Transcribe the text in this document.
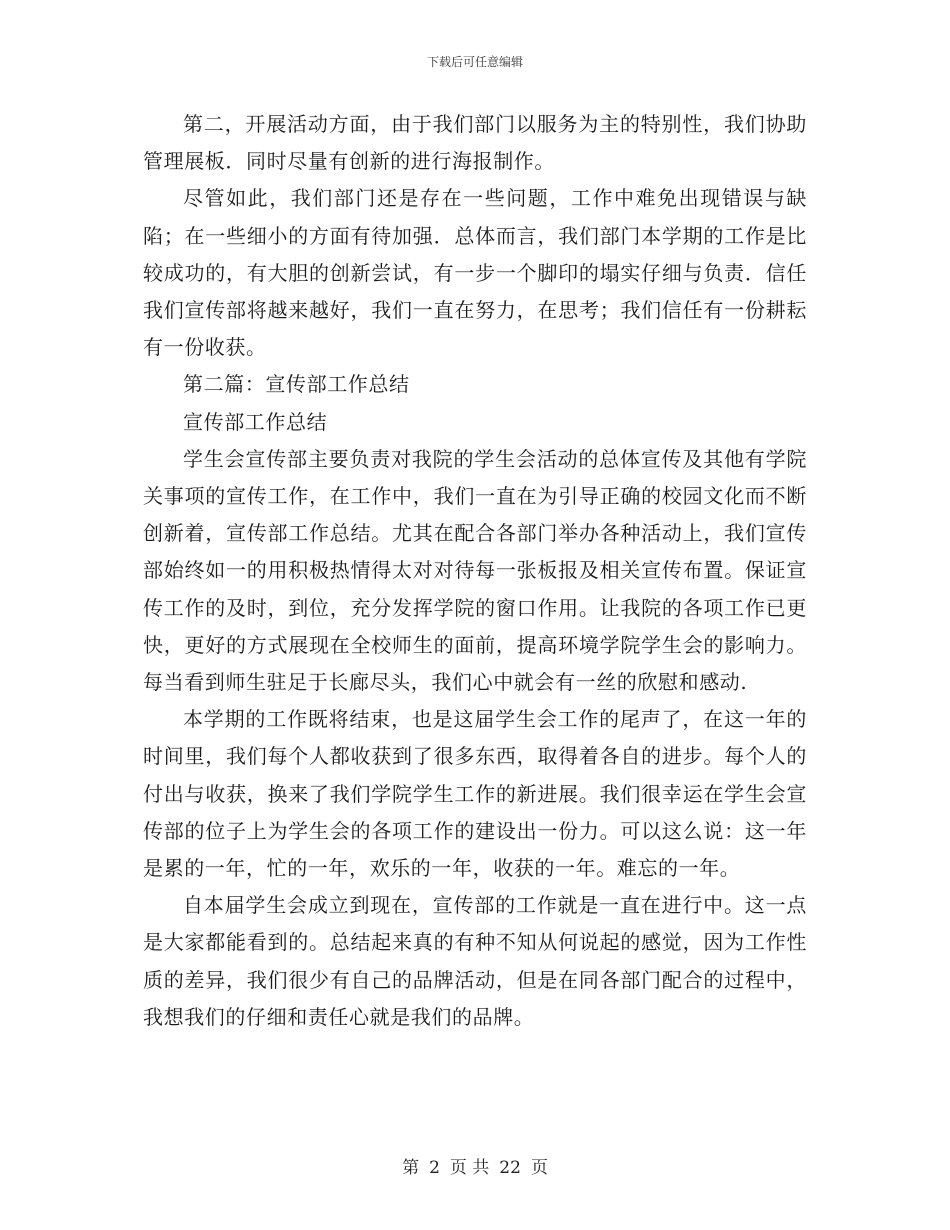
下载后可任意编辑

第二，开展活动方面，由于我们部门以服务为主的特别性，我们协助管理展板．同时尽量有创新的进行海报制作。

尽管如此，我们部门还是存在一些问题，工作中难免出现错误与缺陷；在一些细小的方面有待加强．总体而言，我们部门本学期的工作是比较成功的，有大胆的创新尝试，有一步一个脚印的塌实仔细与负责．信任我们宣传部将越来越好，我们一直在努力，在思考；我们信任有一份耕耘有一份收获。

第二篇：宣传部工作总结

宣传部工作总结

学生会宣传部主要负责对我院的学生会活动的总体宣传及其他有学院关事项的宣传工作，在工作中，我们一直在为引导正确的校园文化而不断创新着，宣传部工作总结。尤其在配合各部门举办各种活动上，我们宣传部始终如一的用积极热情得太对对待每一张板报及相关宣传布置。保证宣传工作的及时，到位，充分发挥学院的窗口作用。让我院的各项工作已更快，更好的方式展现在全校师生的面前，提高环境学院学生会的影响力。每当看到师生驻足于长廊尽头，我们心中就会有一丝的欣慰和感动.

本学期的工作既将结束，也是这届学生会工作的尾声了，在这一年的时间里，我们每个人都收获到了很多东西，取得着各自的进步。每个人的付出与收获，换来了我们学院学生工作的新进展。我们很幸运在学生会宣传部的位子上为学生会的各项工作的建设出一份力。可以这么说：这一年是累的一年，忙的一年，欢乐的一年，收获的一年。难忘的一年。

自本届学生会成立到现在，宣传部的工作就是一直在进行中。这一点是大家都能看到的。总结起来真的有种不知从何说起的感觉，因为工作性质的差异，我们很少有自己的品牌活动，但是在同各部门配合的过程中，我想我们的仔细和责任心就是我们的品牌。

第 2 页 共 22 页
